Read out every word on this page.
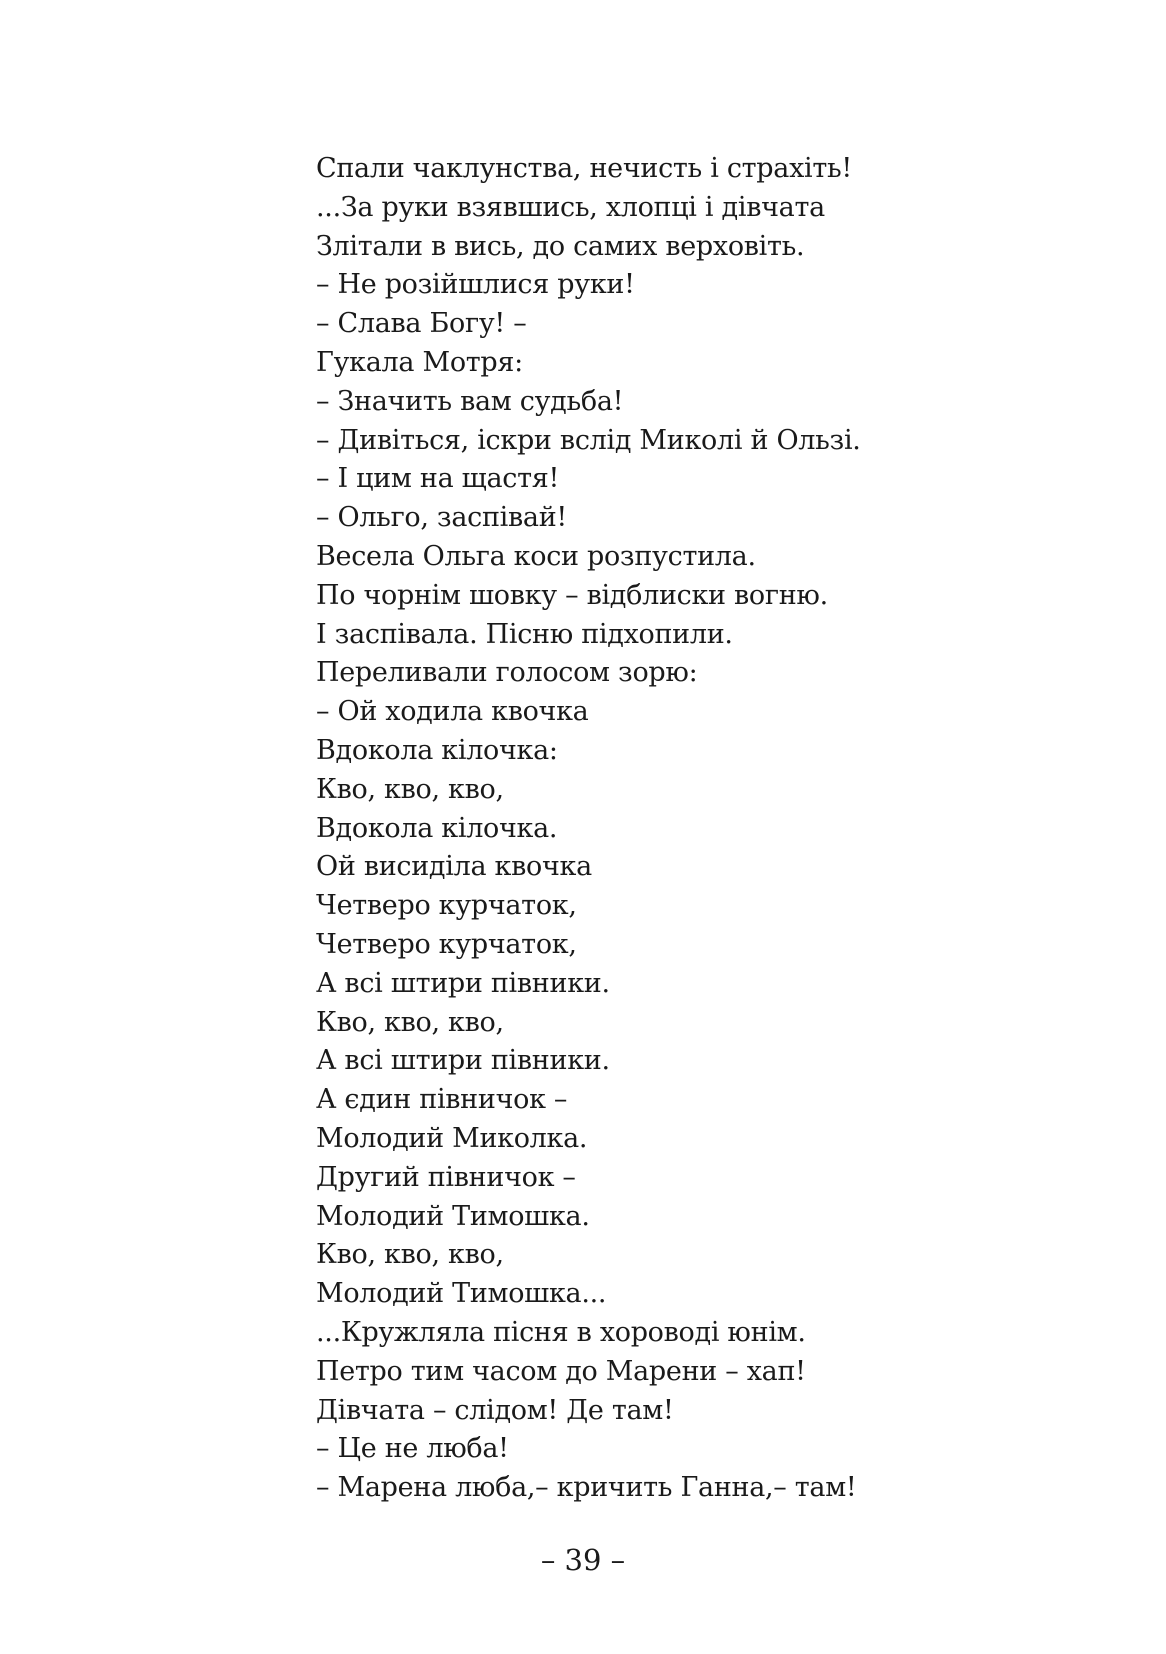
Спали чаклунства, нечисть і страхіть!
...За руки взявшись, хлопці і дівчата
Злітали в вись, до самих верховіть.
– Не розійшлися руки!
– Слава Богу! –
Гукала Мотря:
– Значить вам судьба!
– Дивіться, іскри вслід Миколі й Ользі.
– І цим на щастя!
– Ольго, заспівай!
Весела Ольга коси розпустила.
По чорнім шовку – відблиски вогню.
І заспівала. Пісню підхопили.
Переливали голосом зорю:
– Ой ходила квочка
Вдокола кілочка:
Кво, кво, кво,
Вдокола кілочка.
Ой висиділа квочка
Четверо курчаток,
Четверо курчаток,
А всі штири півники.
Кво, кво, кво,
А всі штири півники.
А єдин півничок –
Молодий Миколка.
Другий півничок –
Молодий Тимошка.
Кво, кво, кво,
Молодий Тимошка...
...Кружляла пісня в хороводі юнім.
Петро тим часом до Марени – хап!
Дівчата – слідом! Де там!
– Це не люба!
– Марена люба,– кричить Ганна,– там!
– 39 –
